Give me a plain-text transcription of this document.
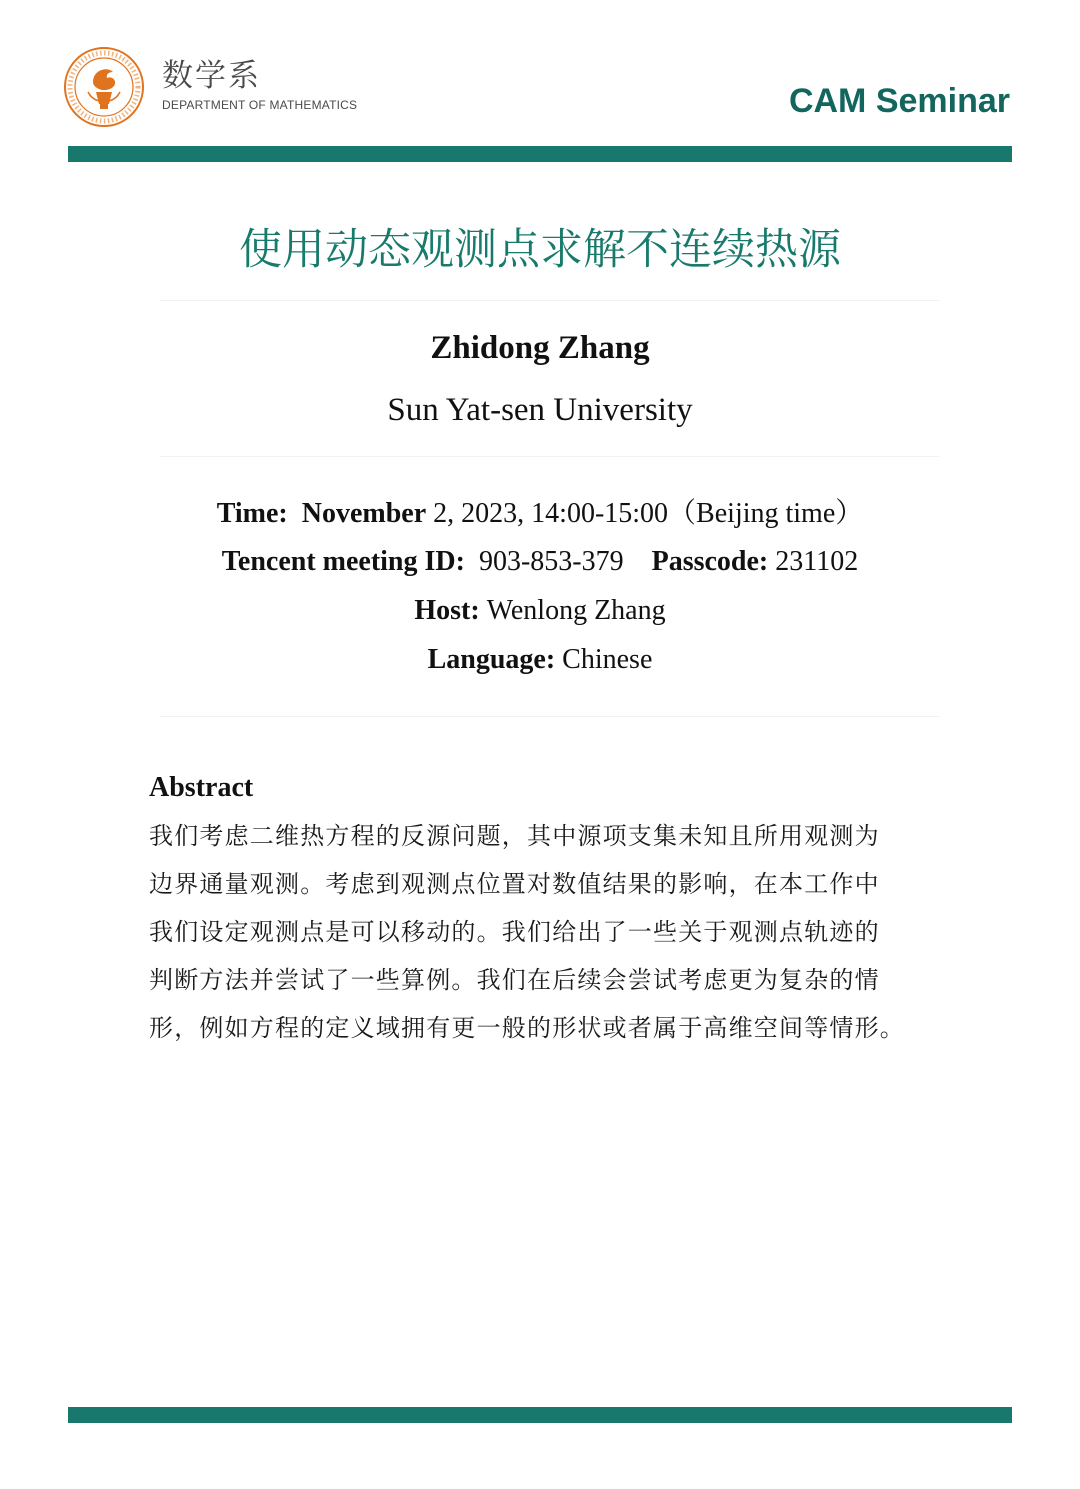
数学系
DEPARTMENT OF MATHEMATICS	CAM Seminar
使用动态观测点求解不连续热源
Zhidong Zhang
Sun Yat-sen University
Time: November 2, 2023, 14:00-15:00（Beijing time）
Tencent meeting ID: 903-853-379 Passcode: 231102
Host: Wenlong Zhang
Language: Chinese
Abstract
我们考虑二维热方程的反源问题，其中源项支集未知且所用观测为
边界通量观测。考虑到观测点位置对数值结果的影响，在本工作中
我们设定观测点是可以移动的。我们给出了一些关于观测点轨迹的
判断方法并尝试了一些算例。我们在后续会尝试考虑更为复杂的情
形，例如方程的定义域拥有更一般的形状或者属于高维空间等情形。
